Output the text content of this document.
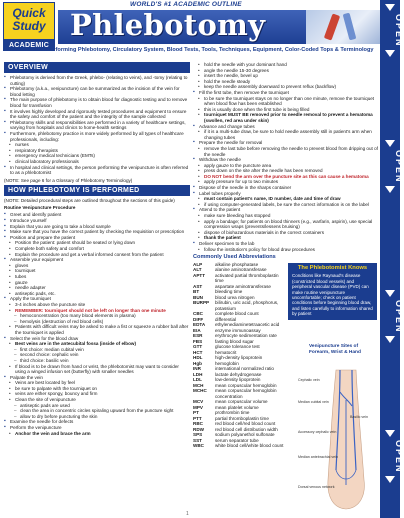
Quick Study
ACADEMIC
WORLD'S #1 ACADEMIC OUTLINE
Phlebotomy
Essentials of Performing Phlebotomy, Circulatory System, Blood Tests, Tools, Techniques, Equipment, Color-Coded Tops & Terminology
OPEN
OPEN
OPEN
OPEN
OVERVIEW
▪ Phlebotomy is derived from the Greek, phlebo- (relating to veins), and -tomy (relating to cutting)
▪ Phlebotomy (a.k.a., venipuncture) can be summarized as the incision of the vein for blood letting
▪ The main purpose of phlebotomy is to obtain blood for diagnostic testing and to remove blood for transfusion
▪ It involves highly developed and rigorously tested procedures and equipment to ensure the safety and comfort of the patient and the integrity of the sample collected
▪ Phlebotomy skills and responsibilities are performed in a variety of healthcare settings, varying from hospitals and clinics to home-health settings
▪ Furthermore, phlebotomy practice is more widely performed by all types of healthcare professionals, including:
• nurses
• respiratory therapists
• emergency medical technicians (EMTs)
• clinical laboratory professionals
▪ In hospital and clinical settings, the person performing the venipuncture is often referred to as a phlebotomist
(NOTE: See page 6 for a Glossary of Phlebotomy Terminology)
HOW PHLEBOTOMY IS PERFORMED
(NOTE: Detailed procedural steps are outlined throughout the sections of this guide)
Routine Venipuncture Procedure
▪ Greet and identify patient
▪ Introduce yourself
▪ Explain that you are going to take a blood sample
▪ Make sure that you have the correct patient by checking the requisition or prescription
▪ Position and prepare the patient
• Position the patient: patient should be seated or lying down
• Complete both safety and comfort
• Explain the procedure and get a verbal informed consent from the patient
▪ Assemble your equipment
• gloves
• tourniquet
• tubes
• gauze
• needle adapter
• antiseptic pads, etc.
▪ Apply the tourniquet
• 3-4 inches above the puncture site
• REMEMBER: tourniquet should not be left on longer than one minute
– hemoconcentration (too many blood elements in plasma)
– hemolysis (destruction of red blood cells)
• Patients with difficult veins may be asked to make a fist or squeeze a rubber ball after the tourniquet is applied
▪ Select the vein for the blood draw
• Best veins are in the antecubital fossa (inside of elbow)
– first choice: median cubital vein
– second choice: cephalic vein
– third choice: basilic vein
• If blood is to be drawn from hand or wrist, the phlebotomist may want to consider using a winged infusion set (butterfly) with smaller needles
▪ Palpate the vein
• Veins are best located by feel
• be sure to palpate with the tourniquet on
• veins are either spongy, bouncy and firm
• Clean the site of venipuncture
– antiseptic pads are used
– clean the area in concentric circles spiraling upward from the puncture sight
– allow to dry before puncturing the skin
▪ Examine the needle for defects
▪ Perform the venipuncture
• Anchor the vein and brace the arm
• hold the needle with your dominant hand
• angle the needle 15-30 degrees
• insert the needle, bevel up
• hold the needle steady
• keep the needle assembly downward to prevent reflux (backflow)
▪ Fill the first tube, then remove the tourniquet
• to be sure the tourniquet stays on no longer than one minute, remove the tourniquet when blood flow has been established
• this is usually done when the first tube is being filled
• tourniquet MUST BE removed prior to needle removal to prevent a hematoma (swollen, red area under skin)
▪ Advance and change tubes
• if it is a multi-tube draw, be sure to hold needle assembly still in patient's arm when changing tubes
▪ Prepare the needle for removal
• remove the last tube before removing the needle to prevent blood from dripping out of the needle
▪ Withdraw the needle
• apply gauze to the puncture area
• press down on the site after the needle has been removed
• DO NOT bend the arm over the puncture site as this can cause a hematoma
• apply pressure for up to two minutes
▪ Dispose of the needle in the sharps container
▪ Label tubes properly
• must contain patient's name, ID number, date and time of draw
• if using computer-generated labels, be sure the correct information is on the label
▪ Attend to the patient
• make sure bleeding has stopped
• apply a bandage; for patients on blood thinners (e.g., warfarin, aspirin), use special compression wraps (prevents/lessens bruising)
• dispose of biohazardous materials in the correct containers
• thank the patient
▪ Deliver specimen to the lab
• follow the institution's policy for blood draw procedures
Commonly Used Abbreviations
ALP	alkaline phosphatase
ALT	alanine aminotransferase
APTT	activated partial thromboplastin time
AST	aspartate aminotransferase
BT	bleeding time
BUN	blood urea nitrogen
BURPP	bilirubin, uric acid, phosphorus, potassium
CBC	complete blood count
DIFF	differential
EDTA	ethylenediaminetetraacetic acid
EIA	enzyme immunoassay
ESR	erythrocyte sedimentation rate
FBS	fasting blood sugar
GTT	glucose tolerance test
HCT	hematocrit
HDL	high-density lipoprotein
Hgb	hemoglobin
INR	international normalized ratio
LDH	lactate dehydrogenase
LDL	low-density lipoprotein
MCH	mean corpuscular hemoglobin
MCHC	mean corpuscular hemoglobin concentration
MCV	mean corpuscular volume
MPV	mean platelet volume
PT	prothrombin time
PTT	partial thromboplastin time
RBC	red blood cell/red blood count
RDW	red blood cell distribution width
SPS	sodium polyanethol sulfonate
SST	serum separator tube
WBC	white blood cell/white blood count
The Phlebotomist Knows
Conditions like Raynaud's disease (constricted blood vessels) and peripheral vascular disease (PVD) can make routine venipuncture uncomfortable; check on patient conditions before beginning blood draw, and listen carefully to information shared by patient
Venipuncture Sites of Forearm, Wrist & Hand
Cephalic vein
Median cubital vein
Accessory cephalic vein
Median antebrachial vein
Dorsal venous network
Basilic vein
1
